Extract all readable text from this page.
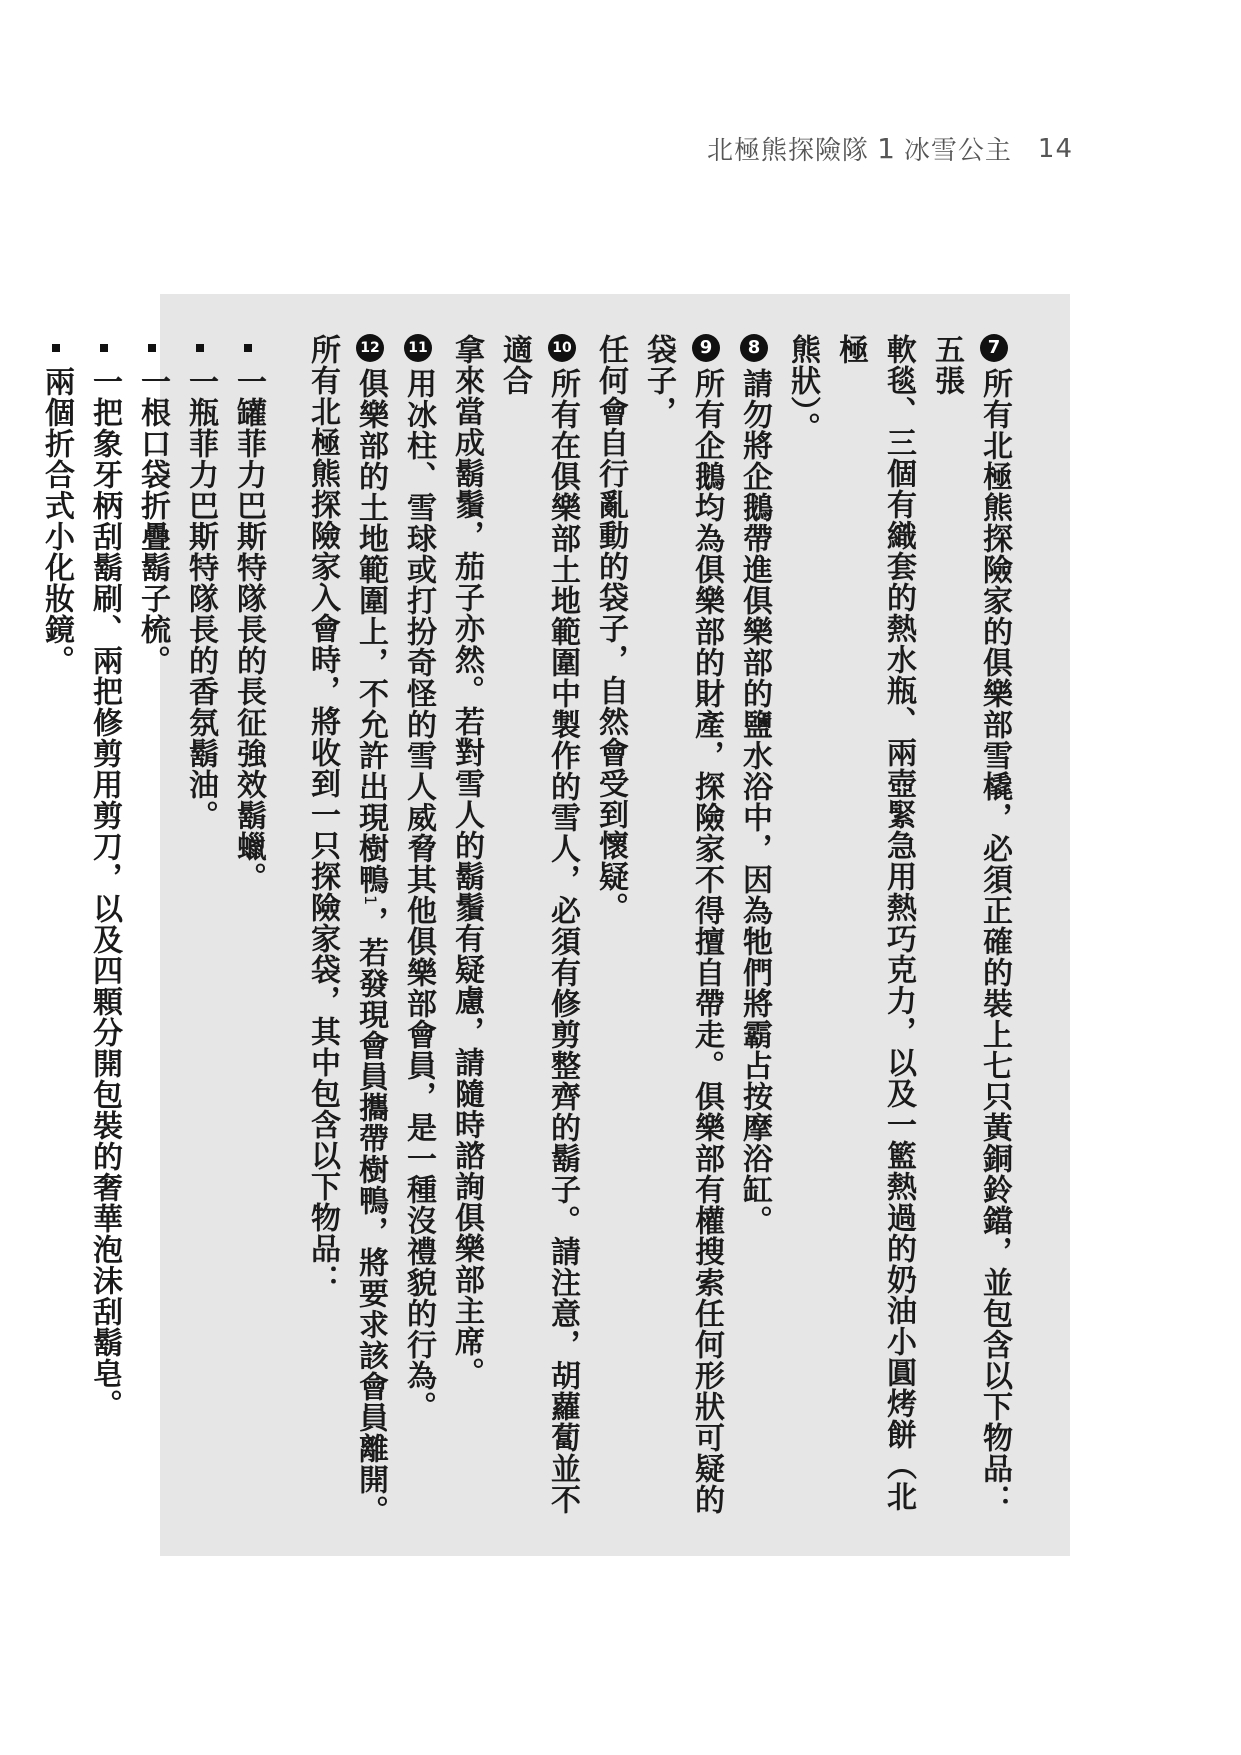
北極熊探險隊 1 冰雪公主 14
7所有北極熊探險家的俱樂部雪橇，必須正確的裝上七只黃銅鈴鐺，並包含以下物品：五張
軟毯、三個有織套的熱水瓶、兩壺緊急用熱巧克力，以及一籃熱過的奶油小圓烤餅（北極
熊狀）。
8請勿將企鵝帶進俱樂部的鹽水浴中，因為牠們將霸占按摩浴缸。
9所有企鵝均為俱樂部的財產，探險家不得擅自帶走。俱樂部有權搜索任何形狀可疑的袋子，
任何會自行亂動的袋子，自然會受到懷疑。
10所有在俱樂部土地範圍中製作的雪人，必須有修剪整齊的鬍子。請注意，胡蘿蔔並不適合
拿來當成鬍鬚，茄子亦然。若對雪人的鬍鬚有疑慮，請隨時諮詢俱樂部主席。
11用冰柱、雪球或打扮奇怪的雪人威脅其他俱樂部會員，是一種沒禮貌的行為。
12俱樂部的土地範圍上，不允許出現樹鴨1，若發現會員攜帶樹鴨，將要求該會員離開。
所有北極熊探險家入會時，將收到一只探險家袋，其中包含以下物品：
一罐菲力巴斯特隊長的長征強效鬍蠟。
一瓶菲力巴斯特隊長的香氛鬍油。
一根口袋折疊鬍子梳。
一把象牙柄刮鬍刷、兩把修剪用剪刀，以及四顆分開包裝的奢華泡沫刮鬍皂。
兩個折合式小化妝鏡。
